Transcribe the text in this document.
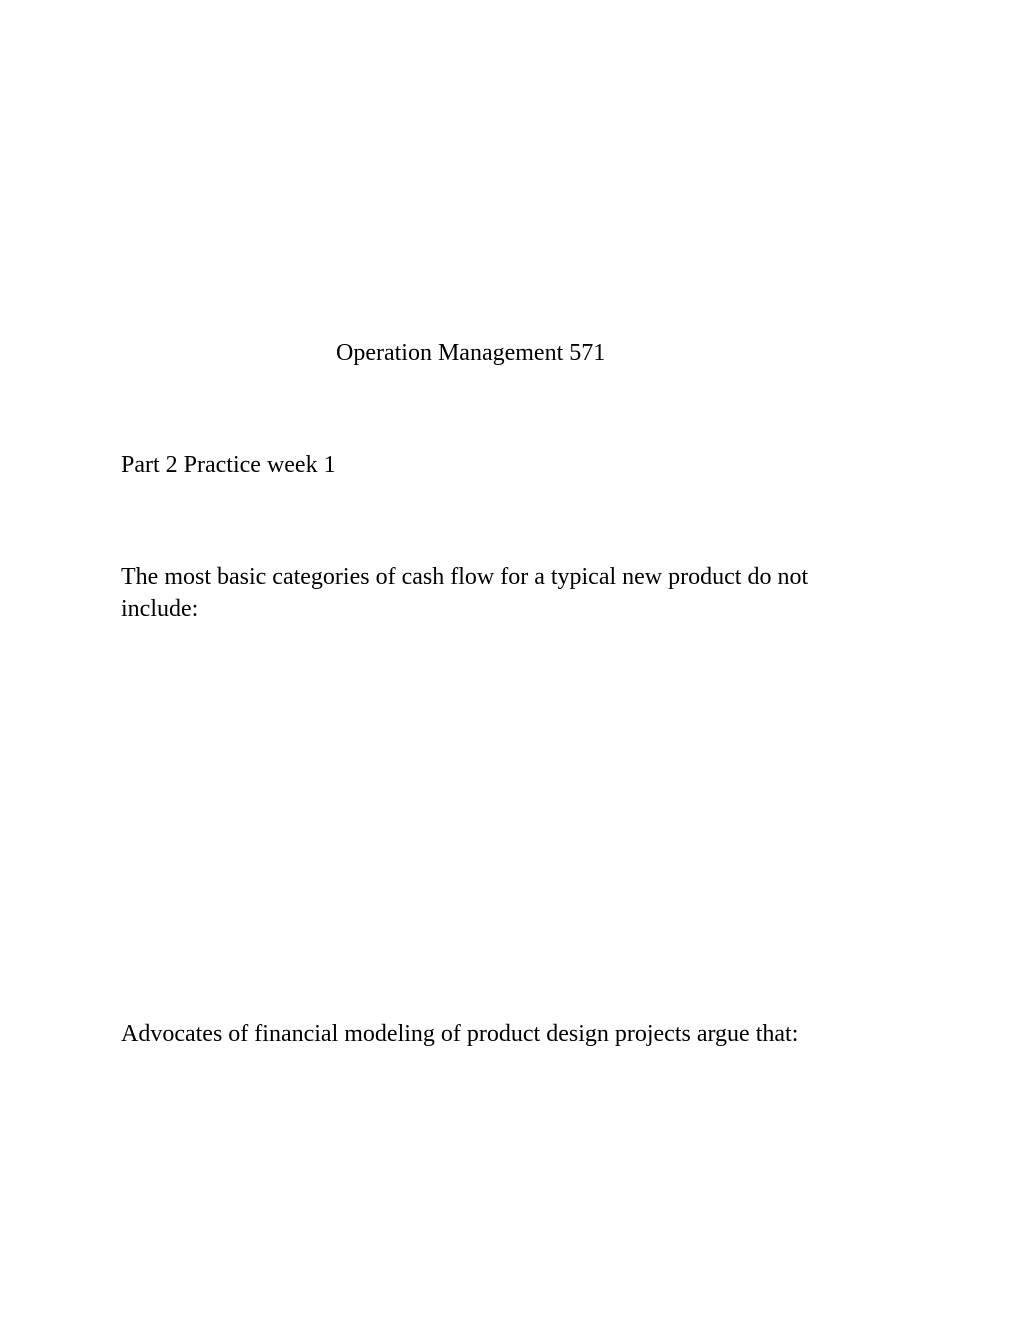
Operation Management 571

Part 2 Practice week 1

The most basic categories of cash flow for a typical new product do not
include:

Advocates of financial modeling of product design projects argue that:
